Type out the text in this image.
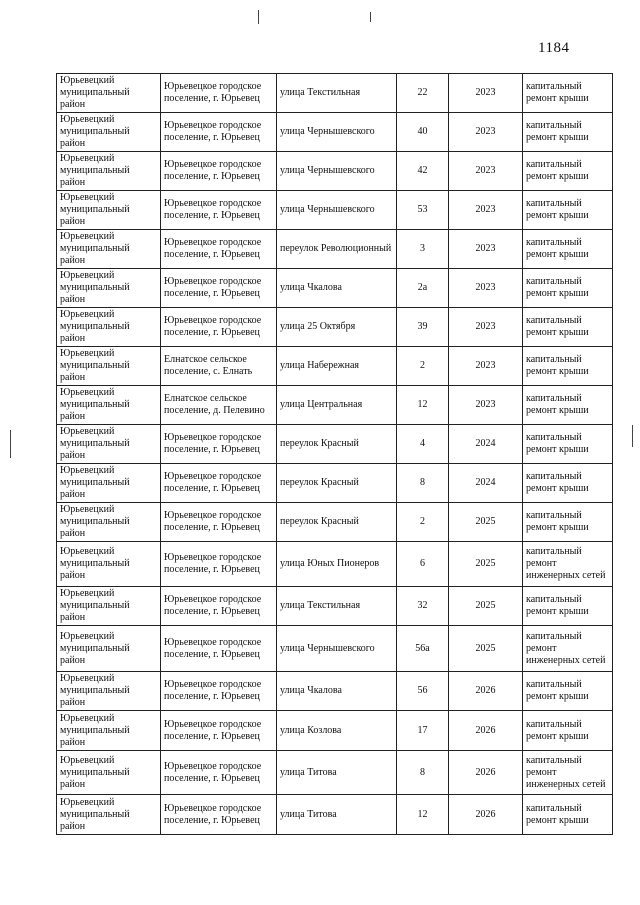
1184
Юрьевецкий муниципальный район	Юрьевецкое городское поселение, г. Юрьевец	улица Текстильная	22	2023	капитальный ремонт крыши
Юрьевецкий муниципальный район	Юрьевецкое городское поселение, г. Юрьевец	улица Чернышевского	40	2023	капитальный ремонт крыши
Юрьевецкий муниципальный район	Юрьевецкое городское поселение, г. Юрьевец	улица Чернышевского	42	2023	капитальный ремонт крыши
Юрьевецкий муниципальный район	Юрьевецкое городское поселение, г. Юрьевец	улица Чернышевского	53	2023	капитальный ремонт крыши
Юрьевецкий муниципальный район	Юрьевецкое городское поселение, г. Юрьевец	переулок Революционный	3	2023	капитальный ремонт крыши
Юрьевецкий муниципальный район	Юрьевецкое городское поселение, г. Юрьевец	улица Чкалова	2а	2023	капитальный ремонт крыши
Юрьевецкий муниципальный район	Юрьевецкое городское поселение, г. Юрьевец	улица 25 Октября	39	2023	капитальный ремонт крыши
Юрьевецкий муниципальный район	Елнатское сельское поселение, с. Елнать	улица Набережная	2	2023	капитальный ремонт крыши
Юрьевецкий муниципальный район	Елнатское сельское поселение, д. Пелевино	улица Центральная	12	2023	капитальный ремонт крыши
Юрьевецкий муниципальный район	Юрьевецкое городское поселение, г. Юрьевец	переулок Красный	4	2024	капитальный ремонт крыши
Юрьевецкий муниципальный район	Юрьевецкое городское поселение, г. Юрьевец	переулок Красный	8	2024	капитальный ремонт крыши
Юрьевецкий муниципальный район	Юрьевецкое городское поселение, г. Юрьевец	переулок Красный	2	2025	капитальный ремонт крыши
Юрьевецкий муниципальный район	Юрьевецкое городское поселение, г. Юрьевец	улица Юных Пионеров	6	2025	капитальный ремонт инженерных сетей
Юрьевецкий муниципальный район	Юрьевецкое городское поселение, г. Юрьевец	улица Текстильная	32	2025	капитальный ремонт крыши
Юрьевецкий муниципальный район	Юрьевецкое городское поселение, г. Юрьевец	улица Чернышевского	56а	2025	капитальный ремонт инженерных сетей
Юрьевецкий муниципальный район	Юрьевецкое городское поселение, г. Юрьевец	улица Чкалова	56	2026	капитальный ремонт крыши
Юрьевецкий муниципальный район	Юрьевецкое городское поселение, г. Юрьевец	улица Козлова	17	2026	капитальный ремонт крыши
Юрьевецкий муниципальный район	Юрьевецкое городское поселение, г. Юрьевец	улица Титова	8	2026	капитальный ремонт инженерных сетей
Юрьевецкий муниципальный район	Юрьевецкое городское поселение, г. Юрьевец	улица Титова	12	2026	капитальный ремонт крыши
